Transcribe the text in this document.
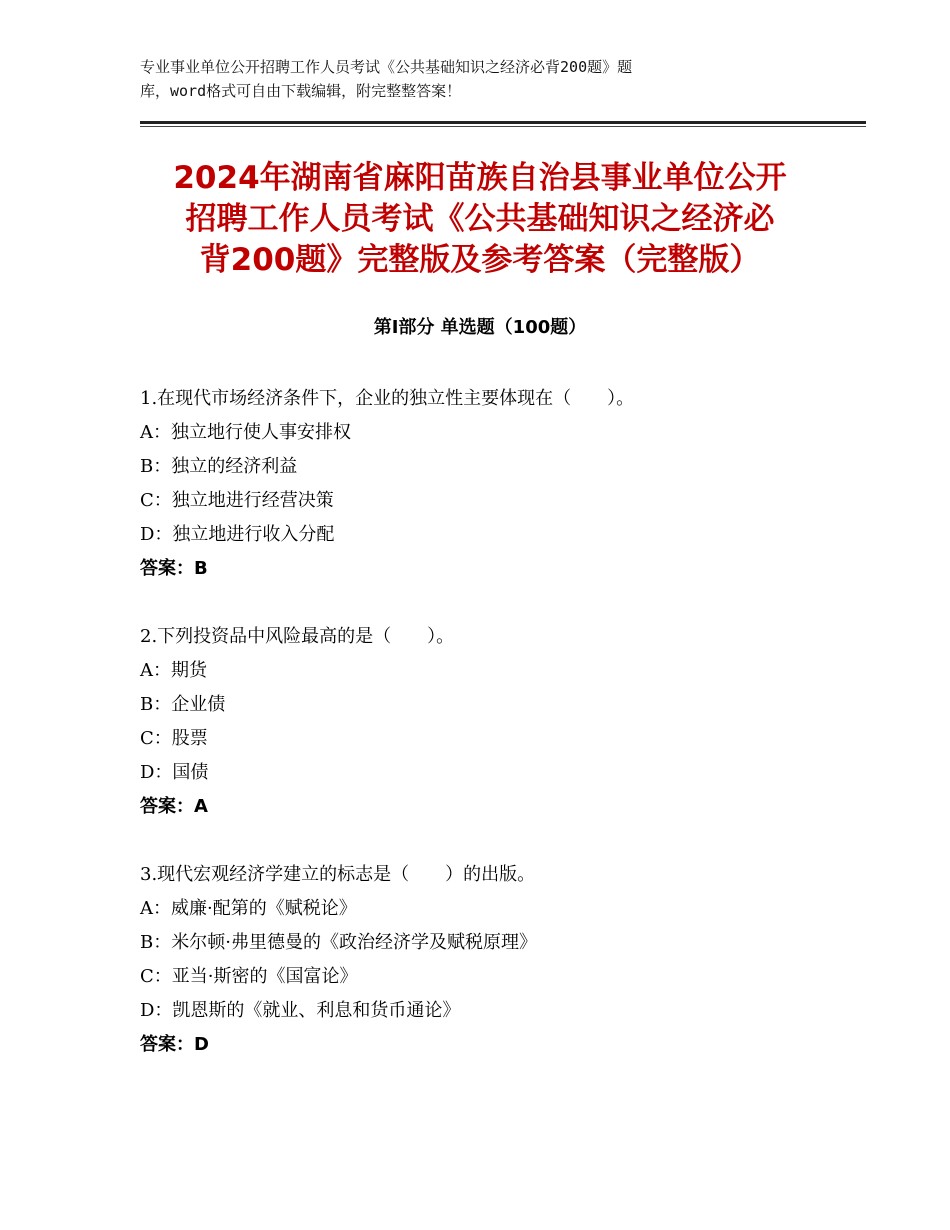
专业事业单位公开招聘工作人员考试《公共基础知识之经济必背200题》题
库，word格式可自由下载编辑，附完整整答案！
2024年湖南省麻阳苗族自治县事业单位公开
招聘工作人员考试《公共基础知识之经济必
背200题》完整版及参考答案（完整版）
第Ⅰ部分 单选题（100题）
1.在现代市场经济条件下，企业的独立性主要体现在（　　）。
A：独立地行使人事安排权
B：独立的经济利益
C：独立地进行经营决策
D：独立地进行收入分配
答案：B
2.下列投资品中风险最高的是（　　）。
A：期货
B：企业债
C：股票
D：国债
答案：A
3.现代宏观经济学建立的标志是（　　）的出版。
A：威廉·配第的《赋税论》
B：米尔顿·弗里德曼的《政治经济学及赋税原理》
C：亚当·斯密的《国富论》
D：凯恩斯的《就业、利息和货币通论》
答案：D
